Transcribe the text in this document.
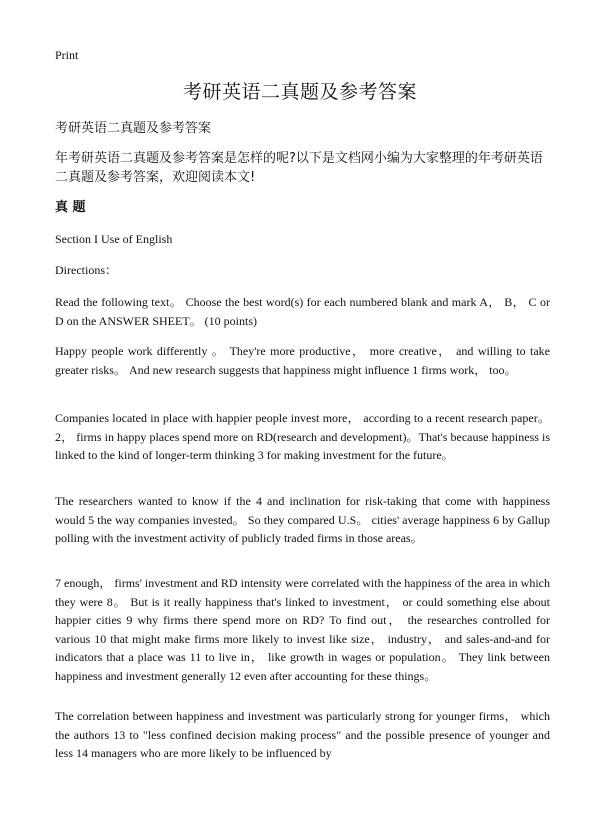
Print
考研英语二真题及参考答案
考研英语二真题及参考答案
年考研英语二真题及参考答案是怎样的呢?以下是文档网小编为大家整理的年考研英语二真题及参考答案，欢迎阅读本文!
真 题
Section I Use of English
Directions：
Read the following text。 Choose the best word(s) for each numbered blank and mark A， B， C or D on the ANSWER SHEET。 (10 points)
Happy people work differently 。 They're more productive， more creative， and willing to take greater risks。 And new research suggests that happiness might influence 1 firms work， too。
Companies located in place with happier people invest more， according to a recent research paper。 2， firms in happy places spend more on RD(research and development)。That's because happiness is linked to the kind of longer-term thinking 3 for making investment for the future。
The researchers wanted to know if the 4 and inclination for risk-taking that come with happiness would 5 the way companies invested。 So they compared U.S。 cities' average happiness 6 by Gallup polling with the investment activity of publicly traded firms in those areas。
7 enough， firms' investment and RD intensity were correlated with the happiness of the area in which they were 8。 But is it really happiness that's linked to investment， or could something else about happier cities 9 why firms there spend more on RD? To find out， the researches controlled for various 10 that might make firms more likely to invest like size， industry， and sales-and-and for indicators that a place was 11 to live in， like growth in wages or population。 They link between happiness and investment generally 12 even after accounting for these things。
The correlation between happiness and investment was particularly strong for younger firms， which the authors 13 to "less confined decision making process" and the possible presence of younger and less 14 managers who are more likely to be influenced by
